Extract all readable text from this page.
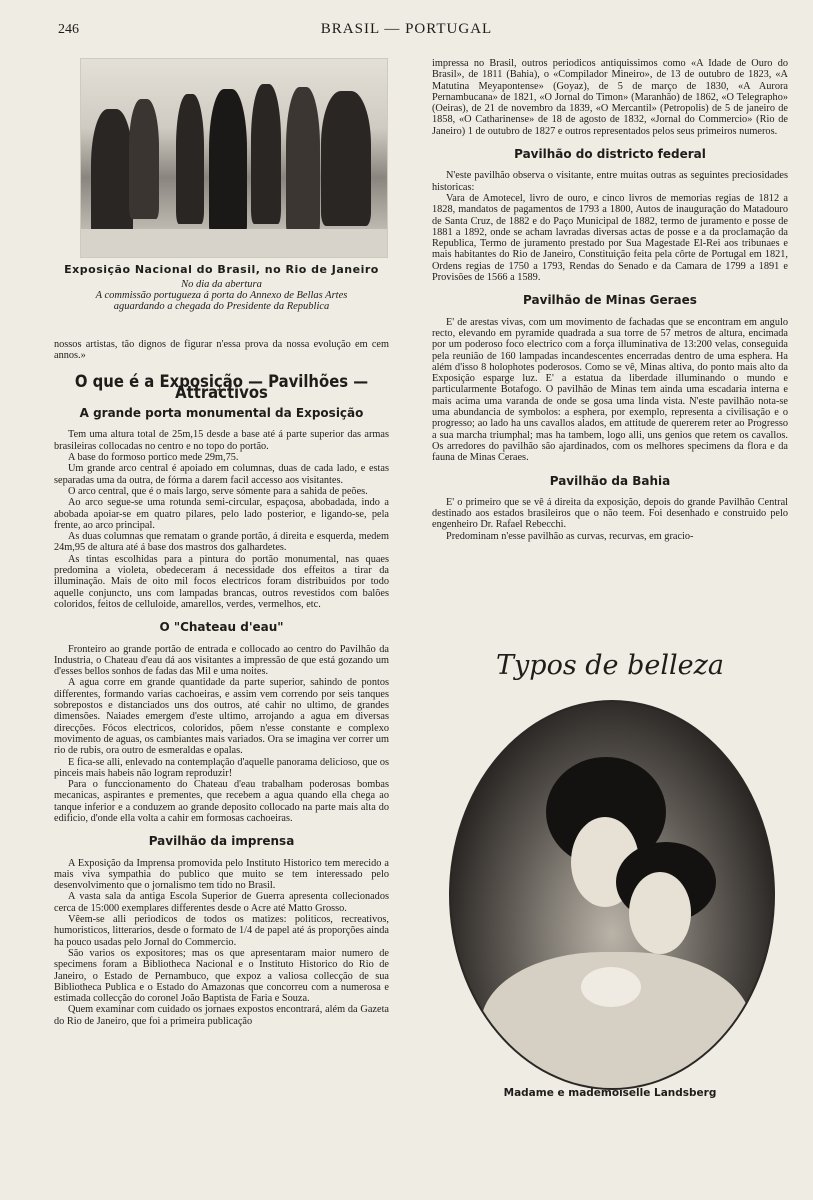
246	BRASIL — PORTUGAL
Exposição Nacional do Brasil, no Rio de Janeiro
No dia da abertura
A commissão portugueza á porta do Annexo de Bellas Artes
aguardando a chegada do Presidente da Republica

nossos artistas, tão dignos de figurar n'essa prova da nossa evolução em cem annos.»

O que é a Exposição — Pavilhões — Attractivos
A grande porta monumental da Exposição

Tem uma altura total de 25m,15 desde a base até á parte superior das armas brasileiras collocadas no centro e no topo do portão.

A base do formoso portico mede 29m,75.

Um grande arco central é apoiado em columnas, duas de cada lado, e estas separadas uma da outra, de fórma a darem facil accesso aos visitantes.

O arco central, que é o mais largo, serve sómente para a sahida de peões.

Ao arco segue-se uma rotunda semi-circular, espaçosa, abobadada, indo a abobada apoiar-se em quatro pilares, pelo lado posterior, e ligando-se, pela frente, ao arco principal.

As duas columnas que rematam o grande portão, á direita e esquerda, medem 24m,95 de altura até á base dos mastros dos galhardetes.

As tintas escolhidas para a pintura do portão monumental, nas quaes predomina a violeta, obedeceram á necessidade dos effeitos a tirar da illuminação. Mais de oito mil focos electricos foram distribuidos por todo aquelle conjuncto, uns com lampadas brancas, outros revestidos com balões coloridos, feitos de celluloide, amarellos, verdes, vermelhos, etc.

O "Chateau d'eau"

Fronteiro ao grande portão de entrada e collocado ao centro do Pavilhão da Industria, o Chateau d'eau dá aos visitantes a impressão de que está gozando um d'esses bellos sonhos de fadas das Mil e uma noites.

A agua corre em grande quantidade da parte superior, sahindo de pontos differentes, formando varias cachoeiras, e assim vem correndo por seis tanques sobrepostos e distanciados uns dos outros, até cahir no ultimo, de grandes dimensões. Naiades emergem d'este ultimo, arrojando a agua em diversas direcções. Fócos electricos, coloridos, põem n'esse constante e complexo movimento de aguas, os cambiantes mais variados. Ora se imagina ver correr um rio de rubis, ora outro de esmeraldas e opalas.

E fica-se alli, enlevado na contemplação d'aquelle panorama delicioso, que os pinceis mais habeis não logram reproduzir!

Para o funccionamento do Chateau d'eau trabalham poderosas bombas mecanicas, aspirantes e prementes, que recebem a agua quando ella chega ao tanque inferior e a conduzem ao grande deposito collocado na parte mais alta do edificio, d'onde ella volta a cahir em formosas cachoeiras.

Pavilhão da imprensa

A Exposição da Imprensa promovida pelo Instituto Historico tem merecido a mais viva sympathia do publico que muito se tem interessado pelo desenvolvimento que o jornalismo tem tido no Brasil.

A vasta sala da antiga Escola Superior de Guerra apresenta collecionados cerca de 15:000 exemplares differentes desde o Acre até Matto Grosso.

Vêem-se alli periodicos de todos os matizes: politicos, recreativos, humoristicos, litterarios, desde o formato de 1/4 de papel até ás proporções ainda ha pouco usadas pelo Jornal do Commercio.

São varios os expositores; mas os que apresentaram maior numero de specimens foram a Bibliotheca Nacional e o Instituto Historico do Rio de Janeiro, o Estado de Pernambuco, que expoz a valiosa collecção de sua Bibliotheca Publica e o Estado do Amazonas que concorreu com a numerosa e estimada collecção do coronel João Baptista de Faria e Souza.

Quem examinar com cuidado os jornaes expostos encontrará, além da Gazeta do Rio de Janeiro, que foi a primeira publicação

impressa no Brasil, outros periodicos antiquissimos como «A Idade de Ouro do Brasil», de 1811 (Bahia), o «Compilador Mineiro», de 13 de outubro de 1823, «A Matutina Meyapontense» (Goyaz), de 5 de março de 1830, «A Aurora Pernambucana» de 1821, «O Jornal do Timon» (Maranhão) de 1862, «O Telegrapho» (Oeiras), de 21 de novembro da 1839, «O Mercantil» (Petropolis) de 5 de janeiro de 1858, «O Catharinense» de 18 de agosto de 1832, «Jornal do Commercio» (Rio de Janeiro) 1 de outubro de 1827 e outros representados pelos seus primeiros numeros.

Pavilhão do districto federal

N'este pavilhão observa o visitante, entre muitas outras as seguintes preciosidades historicas:

Vara de Amotecel, livro de ouro, e cinco livros de memorias regias de 1812 a 1828, mandatos de pagamentos de 1793 a 1800, Autos de inauguração do Matadouro de Santa Cruz, de 1882 e do Paço Municipal de 1882, termo de juramento e posse de 1881 a 1892, onde se acham lavradas diversas actas de posse e a da proclamação da Republica, Termo de juramento prestado por Sua Magestade El-Rei aos tribunaes e mais habitantes do Rio de Janeiro, Constituição feita pela côrte de Portugal em 1821, Ordens regias de 1750 a 1793, Rendas do Senado e da Camara de 1799 a 1891 e Provisões de 1566 a 1589.

Pavilhão de Minas Geraes

E' de arestas vivas, com um movimento de fachadas que se encontram em angulo recto, elevando em pyramide quadrada a sua torre de 57 metros de altura, encimada por um poderoso foco electrico com a força illuminativa de 13:200 velas, conseguida pela reunião de 160 lampadas incandescentes encerradas dentro de uma esphera. Ha além d'isso 8 holophotes poderosos. Como se vê, Minas altiva, do ponto mais alto da Exposição esparge luz. E' a estatua da liberdade illuminando o mundo e particularmente Botafogo. O pavilhão de Minas tem ainda uma escadaria interna e mais acima uma varanda de onde se gosa uma linda vista. N'este pavilhão nota-se uma abundancia de symbolos: a esphera, por exemplo, representa a civilisação e o progresso; ao lado ha uns cavallos alados, em attitude de quererem reter ao Progresso a sua marcha triumphal; mas ha tambem, logo alli, uns genios que retem os cavallos. Os arredores do pavilhão são ajardinados, com os melhores specimens da flora e da fauna de Minas Ceraes.

Pavilhão da Bahia

E' o primeiro que se vê á direita da exposição, depois do grande Pavilhão Central destinado aos estados brasileiros que o não teem. Foi desenhado e construido pelo engenheiro Dr. Rafael Rebecchi.

Predominam n'esse pavilhão as curvas, recurvas, em gracio-

Typos de belleza
Madame e mademoiselle Landsberg
